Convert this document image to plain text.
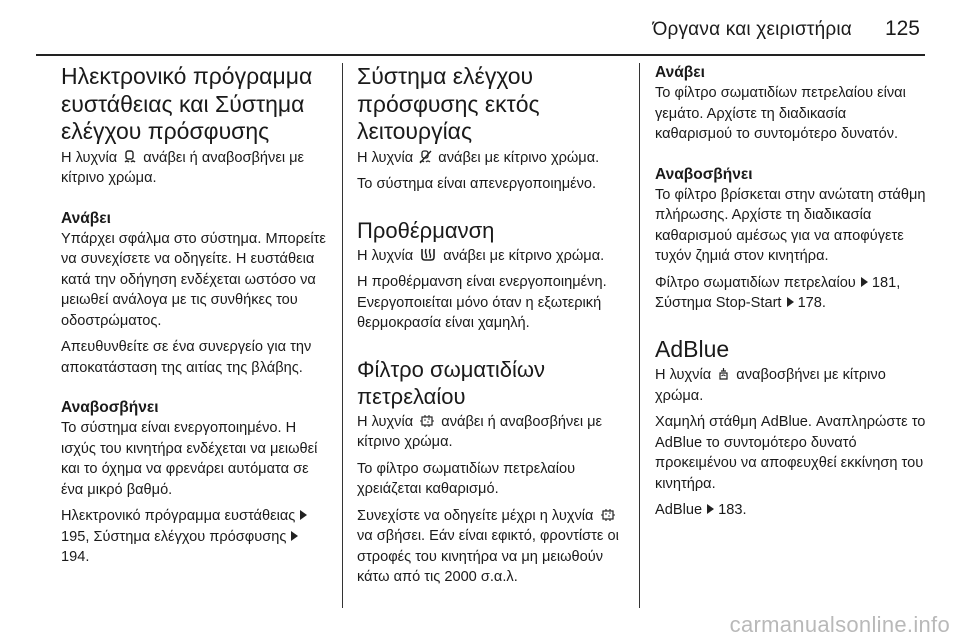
Όργανα και χειριστήρια 125
Ηλεκτρονικό πρόγραμμα ευστάθειας και Σύστημα ελέγχου πρόσφυσης

Η λυχνία ανάβει ή αναβοσβήνει με κίτρινο χρώμα.

Ανάβει

Υπάρχει σφάλμα στο σύστημα. Μπορείτε να συνεχίσετε να οδηγείτε. Η ευστάθεια κατά την οδήγηση ενδέχεται ωστόσο να μειωθεί ανάλογα με τις συνθήκες του οδοστρώματος.

Απευθυνθείτε σε ένα συνεργείο για την αποκατάσταση της αιτίας της βλάβης.

Αναβοσβήνει

Το σύστημα είναι ενεργοποιημένο. Η ισχύς του κινητήρα ενδέχεται να μειωθεί και το όχημα να φρενάρει αυτόματα σε ένα μικρό βαθμό.

Ηλεκτρονικό πρόγραμμα ευστάθειας 195, Σύστημα ελέγχου πρόσφυσης 194.

Σύστημα ελέγχου πρόσφυσης εκτός λειτουργίας

Η λυχνία ανάβει με κίτρινο χρώμα.

Το σύστημα είναι απενεργοποιημένο.

Προθέρμανση

Η λυχνία ανάβει με κίτρινο χρώμα.

Η προθέρμανση είναι ενεργοποιημένη. Ενεργοποιείται μόνο όταν η εξωτερική θερμοκρασία είναι χαμηλή.

Φίλτρο σωματιδίων πετρελαίου

Η λυχνία ανάβει ή αναβοσβήνει με κίτρινο χρώμα.

Το φίλτρο σωματιδίων πετρελαίου χρειάζεται καθαρισμό.

Συνεχίστε να οδηγείτε μέχρι η λυχνία
να σβήσει. Εάν είναι εφικτό, φροντίστε οι στροφές του κινητήρα να μη μειωθούν κάτω από τις 2000 σ.α.λ.

Ανάβει

Το φίλτρο σωματιδίων πετρελαίου είναι γεμάτο. Αρχίστε τη διαδικασία καθαρισμού το συντομότερο δυνατόν.

Αναβοσβήνει

Το φίλτρο βρίσκεται στην ανώτατη στάθμη πλήρωσης. Αρχίστε τη διαδικασία καθαρισμού αμέσως για να αποφύγετε τυχόν ζημιά στον κινητήρα.

Φίλτρο σωματιδίων πετρελαίου 181, Σύστημα Stop-Start 178.

AdBlue

Η λυχνία αναβοσβήνει με κίτρινο χρώμα.

Χαμηλή στάθμη AdBlue. Αναπληρώστε το AdBlue το συντομότερο δυνατό προκειμένου να αποφευχθεί εκκίνηση του κινητήρα.

AdBlue 183.

carmanualsonline.info
